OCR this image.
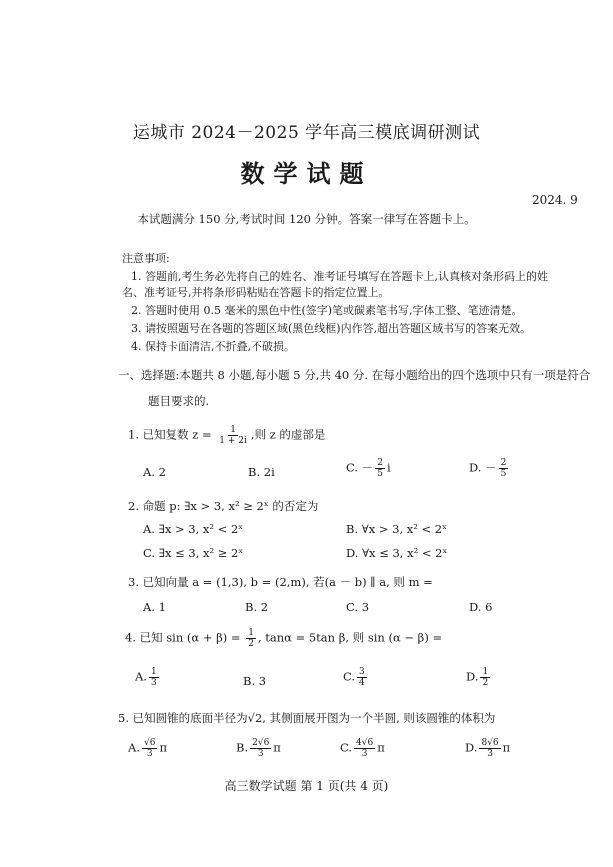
运城市 2024－2025 学年高三模底调研测试
数学试题
2024. 9
本试题满分 150 分,考试时间 120 分钟。答案一律写在答题卡上。
注意事项:
1. 答题前,考生务必先将自己的姓名、准考证号填写在答题卡上,认真核对条形码上的姓
名、准考证号,并将条形码粘贴在答题卡的指定位置上。
2. 答题时使用 0.5 毫米的黑色中性(签字)笔或碳素笔书写,字体工整、笔迹清楚。
3. 请按照题号在各题的答题区域(黑色线框)内作答,超出答题区域书写的答案无效。
4. 保持卡面清洁,不折叠,不破损。
一、选择题:本题共 8 小题,每小题 5 分,共 40 分. 在每小题给出的四个选项中只有一项是符合
题目要求的.
1. 已知复数 $z = \frac{1}{1 + 2i}$ ,则 z 的虚部是
A. 2	B. 2i	C. － $\frac{2}{5}$ i	D. － $\frac{2}{5}$
2. 命题 p: ∃x > 3, x² ≥ 2ˣ 的否定为
A. ∃x > 3, x² < 2ˣ	B. ∀x > 3, x² < 2ˣ
C. ∃x ≤ 3, x² ≥ 2ˣ	D. ∀x ≤ 3, x² < 2ˣ
3. 已知向量 a = (1,3), b = (2,m), 若(a － b) ∥ a, 则 m =
A. 1	B. 2	C. 3	D. 6
4. 已知 $\sin (\alpha + \beta) = \frac{1}{2}$ , tanα = 5tan β, 则 sin (α − β) =
A. $\frac{1}{3}$	B. 3	C. $\frac{3}{4}$	D. $\frac{1}{2}$
5. 已知圆锥的底面半径为√2, 其侧面展开图为一个半圆, 则该圆锥的体积为
A. $\frac{√6}{3}$ π	B. $\frac{2√6}{3}$ π	C. $\frac{4√6}{3}$ π	D. $\frac{8√6}{3}$ π
高三数学试题 第 1 页(共 4 页)
